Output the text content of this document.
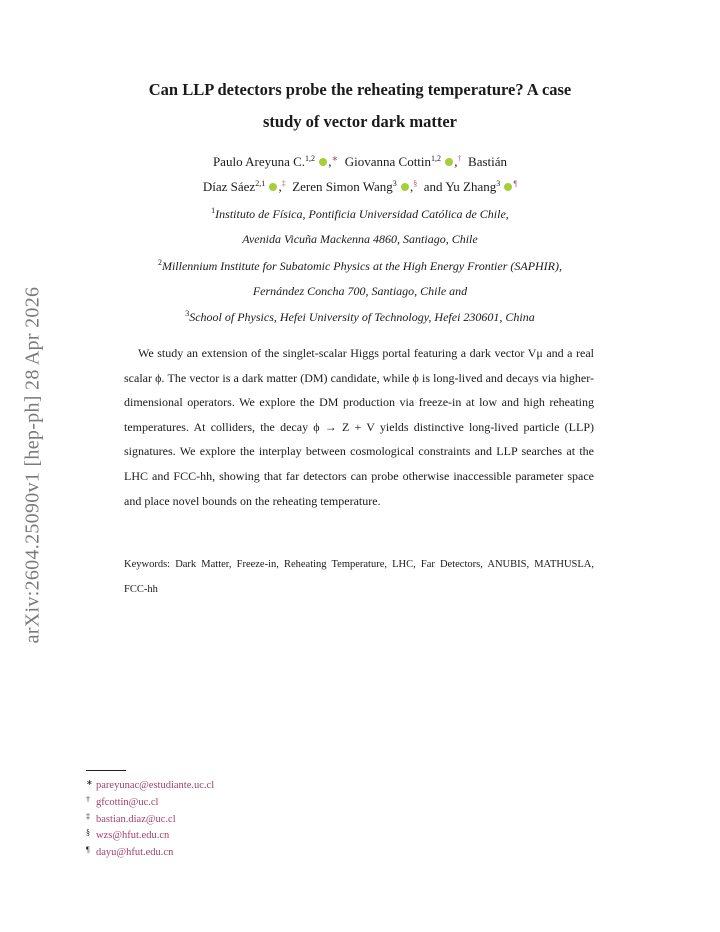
arXiv:2604.25090v1 [hep-ph] 28 Apr 2026
Can LLP detectors probe the reheating temperature? A case
study of vector dark matter
Paulo Areyuna C.$^{1,2}$ ,∗ Giovanna Cottin$^{1,2}$ ,† Bastián
Díaz Sáez$^{2,1}$ ,‡ Zeren Simon Wang$^3$ ,§ and Yu Zhang$^3$ ¶
$^1$Instituto de Física, Pontificia Universidad Católica de Chile,
Avenida Vicuña Mackenna 4860, Santiago, Chile
$^2$Millennium Institute for Subatomic Physics at the High Energy Frontier (SAPHIR),
Fernández Concha 700, Santiago, Chile and
$^3$School of Physics, Hefei University of Technology, Hefei 230601, China

We study an extension of the singlet-scalar Higgs portal featuring a dark vector Vμ and a real scalar ϕ. The vector is a dark matter (DM) candidate, while ϕ is long-lived and decays via higher-dimensional operators. We explore the DM production via freeze-in at low and high reheating temperatures. At colliders, the decay ϕ → Z + V yields distinctive long-lived particle (LLP) signatures. We explore the interplay between cosmological constraints and LLP searches at the LHC and FCC-hh, showing that far detectors can probe otherwise inaccessible parameter space and place novel bounds on the reheating temperature.

Keywords: Dark Matter, Freeze-in, Reheating Temperature, LHC, Far Detectors, ANUBIS, MATHUSLA, FCC-hh
∗ pareyunac@estudiante.uc.cl
† gfcottin@uc.cl
‡ bastian.diaz@uc.cl
§ wzs@hfut.edu.cn
¶ dayu@hfut.edu.cn
